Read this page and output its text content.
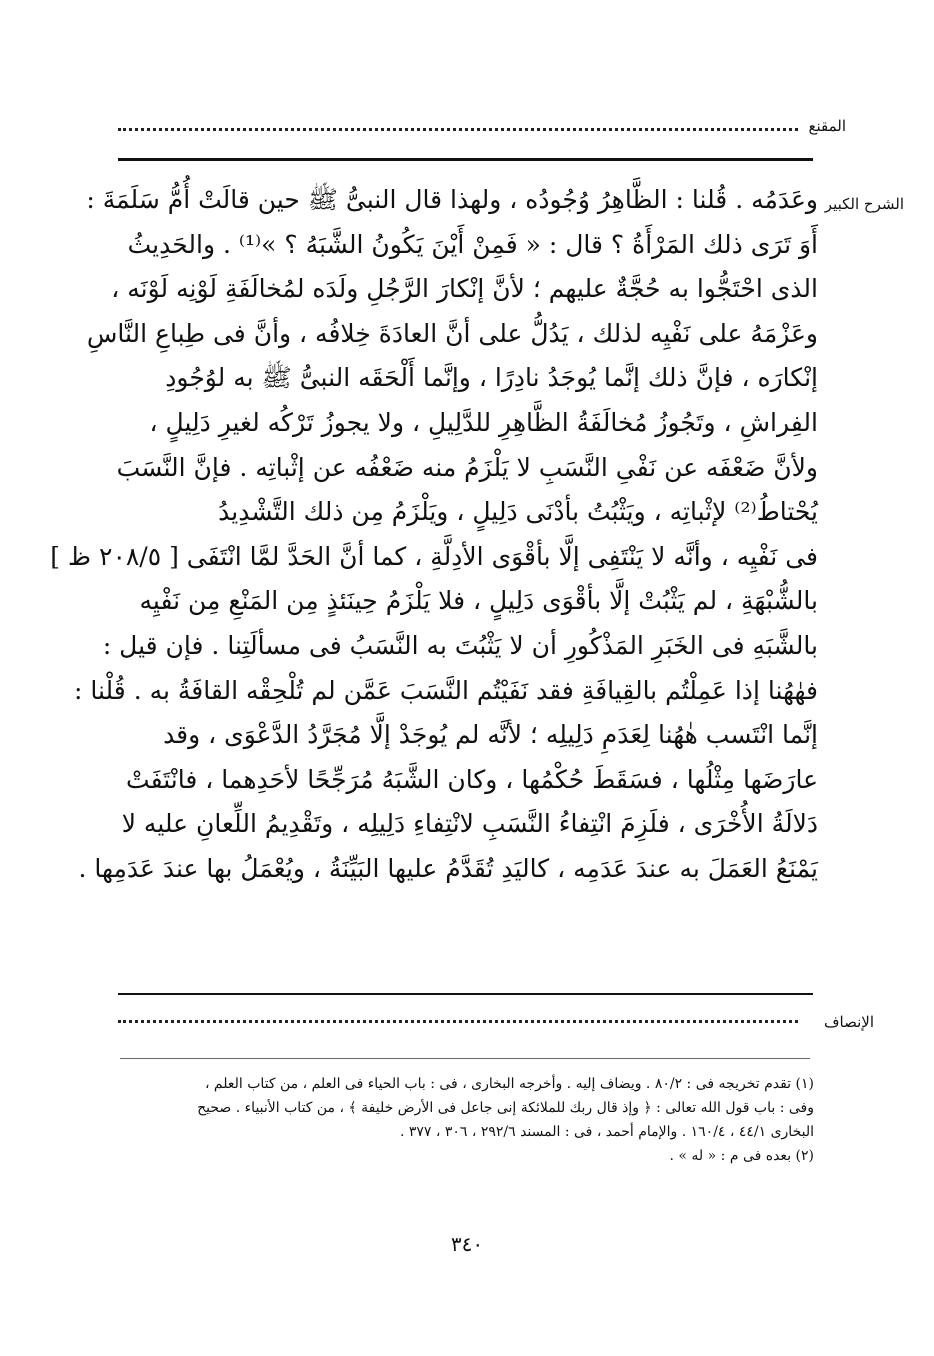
المقنع
الشرح الكبير
وعَدَمُه . قُلنا : الظَّاهِرُ وُجُودُه ، ولهذا قال النبىُّ ﷺ حين قالَتْ أُمُّ سَلَمَةَ :
أَوَ تَرَى ذلك المَرْأَةُ ؟ قال : « فَمِنْ أَيْنَ يَكُونُ الشَّبَهُ ؟ »⁽¹⁾ . والحَدِيثُ
الذى احْتَجُّوا به حُجَّةٌ عليهم ؛ لأنَّ إنْكارَ الرَّجُلِ ولَدَه لمُخالَفَةِ لَوْنِه لَوْنَه ،
وعَزْمَهُ على نَفْيِه لذلك ، يَدُلُّ على أنَّ العادَةَ خِلافُه ، وأنَّ فى طِباعِ النَّاسِ
إنْكارَه ، فإنَّ ذلك إنَّما يُوجَدُ نادِرًا ، وإنَّما أَلْحَقَه النبىُّ ﷺ به لوُجُودِ
الفِراشِ ، وتَجُوزُ مُخالَفَةُ الظَّاهِرِ للدَّلِيلِ ، ولا يجوزُ تَرْكُه لغيرِ دَلِيلٍ ،
ولأنَّ ضَعْفَه عن نَفْىِ النَّسَبِ لا يَلْزَمُ منه ضَعْفُه عن إثْباتِه . فإنَّ النَّسَبَ
يُحْتاطُ⁽²⁾ لإثْباتِه ، ويَثْبُتُ بأدْنَى دَلِيلٍ ، ويَلْزَمُ مِن ذلك التَّشْدِيدُ
فى نَفْيِه ، وأنَّه لا يَنْتَفِى إلَّا بأقْوَى الأدِلَّةِ ، كما أنَّ الحَدَّ لمَّا انْتَفَى [ ٢٠٨/٥ ظ ]
بالشُّبْهَةِ ، لم يَثْبُتْ إلَّا بأقْوَى دَلِيلٍ ، فلا يَلْزَمُ حِينَئذٍ مِن المَنْعِ مِن نَفْيِه
بالشَّبَهِ فى الخَبَرِ المَذْكُورِ أن لا يَثْبُتَ به النَّسَبُ فى مسألَتِنا . فإن قيل :
فهٰهُنا إذا عَمِلْتُم بالقِيافَةِ فقد نَفَيْتُم النَّسَبَ عَمَّن لم تُلْحِقْه القافَةُ به . قُلْنا :
إنَّما انْتَسب هٰهُنا لِعَدَمِ دَلِيلِه ؛ لأنَّه لم يُوجَدْ إلَّا مُجَرَّدُ الدَّعْوَى ، وقد
عارَضَها مِثْلُها ، فسَقَطَ حُكْمُها ، وكان الشَّبَهُ مُرَجِّحًا لأحَدِهما ، فانْتَفَتْ
دَلالَةُ الأُخْرَى ، فلَزِمَ انْتِفاءُ النَّسَبِ لانْتِفاءِ دَلِيلِه ، وتَقْدِيمُ اللِّعانِ عليه لا
يَمْنَعُ العَمَلَ به عندَ عَدَمِه ، كاليَدِ تُقَدَّمُ عليها البَيِّنَةُ ، ويُعْمَلُ بها عندَ عَدَمِها .
الإنصاف
(١) تقدم تخريجه فى : ٨٠/٢ . ويضاف إليه . وأخرجه البخارى ، فى : باب الحياء فى العلم ، من كتاب العلم ،
وفى : باب قول الله تعالى : ﴿ وإذ قال ربك للملائكة إنى جاعل فى الأرض خليفة ﴾ ، من كتاب الأنبياء . صحيح
البخارى ٤٤/١ ، ١٦٠/٤ . والإمام أحمد ، فى : المسند ٢٩٢/٦ ، ٣٠٦ ، ٣٧٧ .
(٢) بعده فى م : « له » .
٣٤٠
